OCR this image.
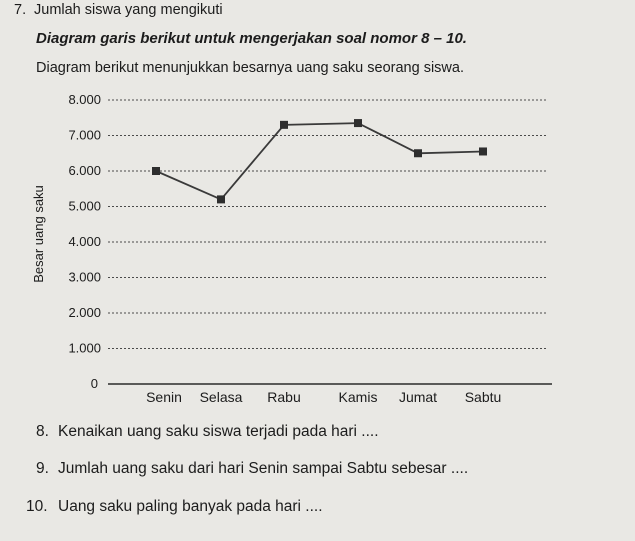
7. Jumlah siswa yang mengikuti
Diagram garis berikut untuk mengerjakan soal nomor 8 – 10.
Diagram berikut menunjukkan besarnya uang saku seorang siswa.
0
1.000
2.000
3.000
4.000
5.000
6.000
7.000
8.000
Besar uang saku
Senin Selasa Rabu	Kamis Jumat Sabtu
8. Kenaikan uang saku siswa terjadi pada hari ....
9. Jumlah uang saku dari hari Senin sampai Sabtu sebesar ....
10. Uang saku paling banyak pada hari ....
